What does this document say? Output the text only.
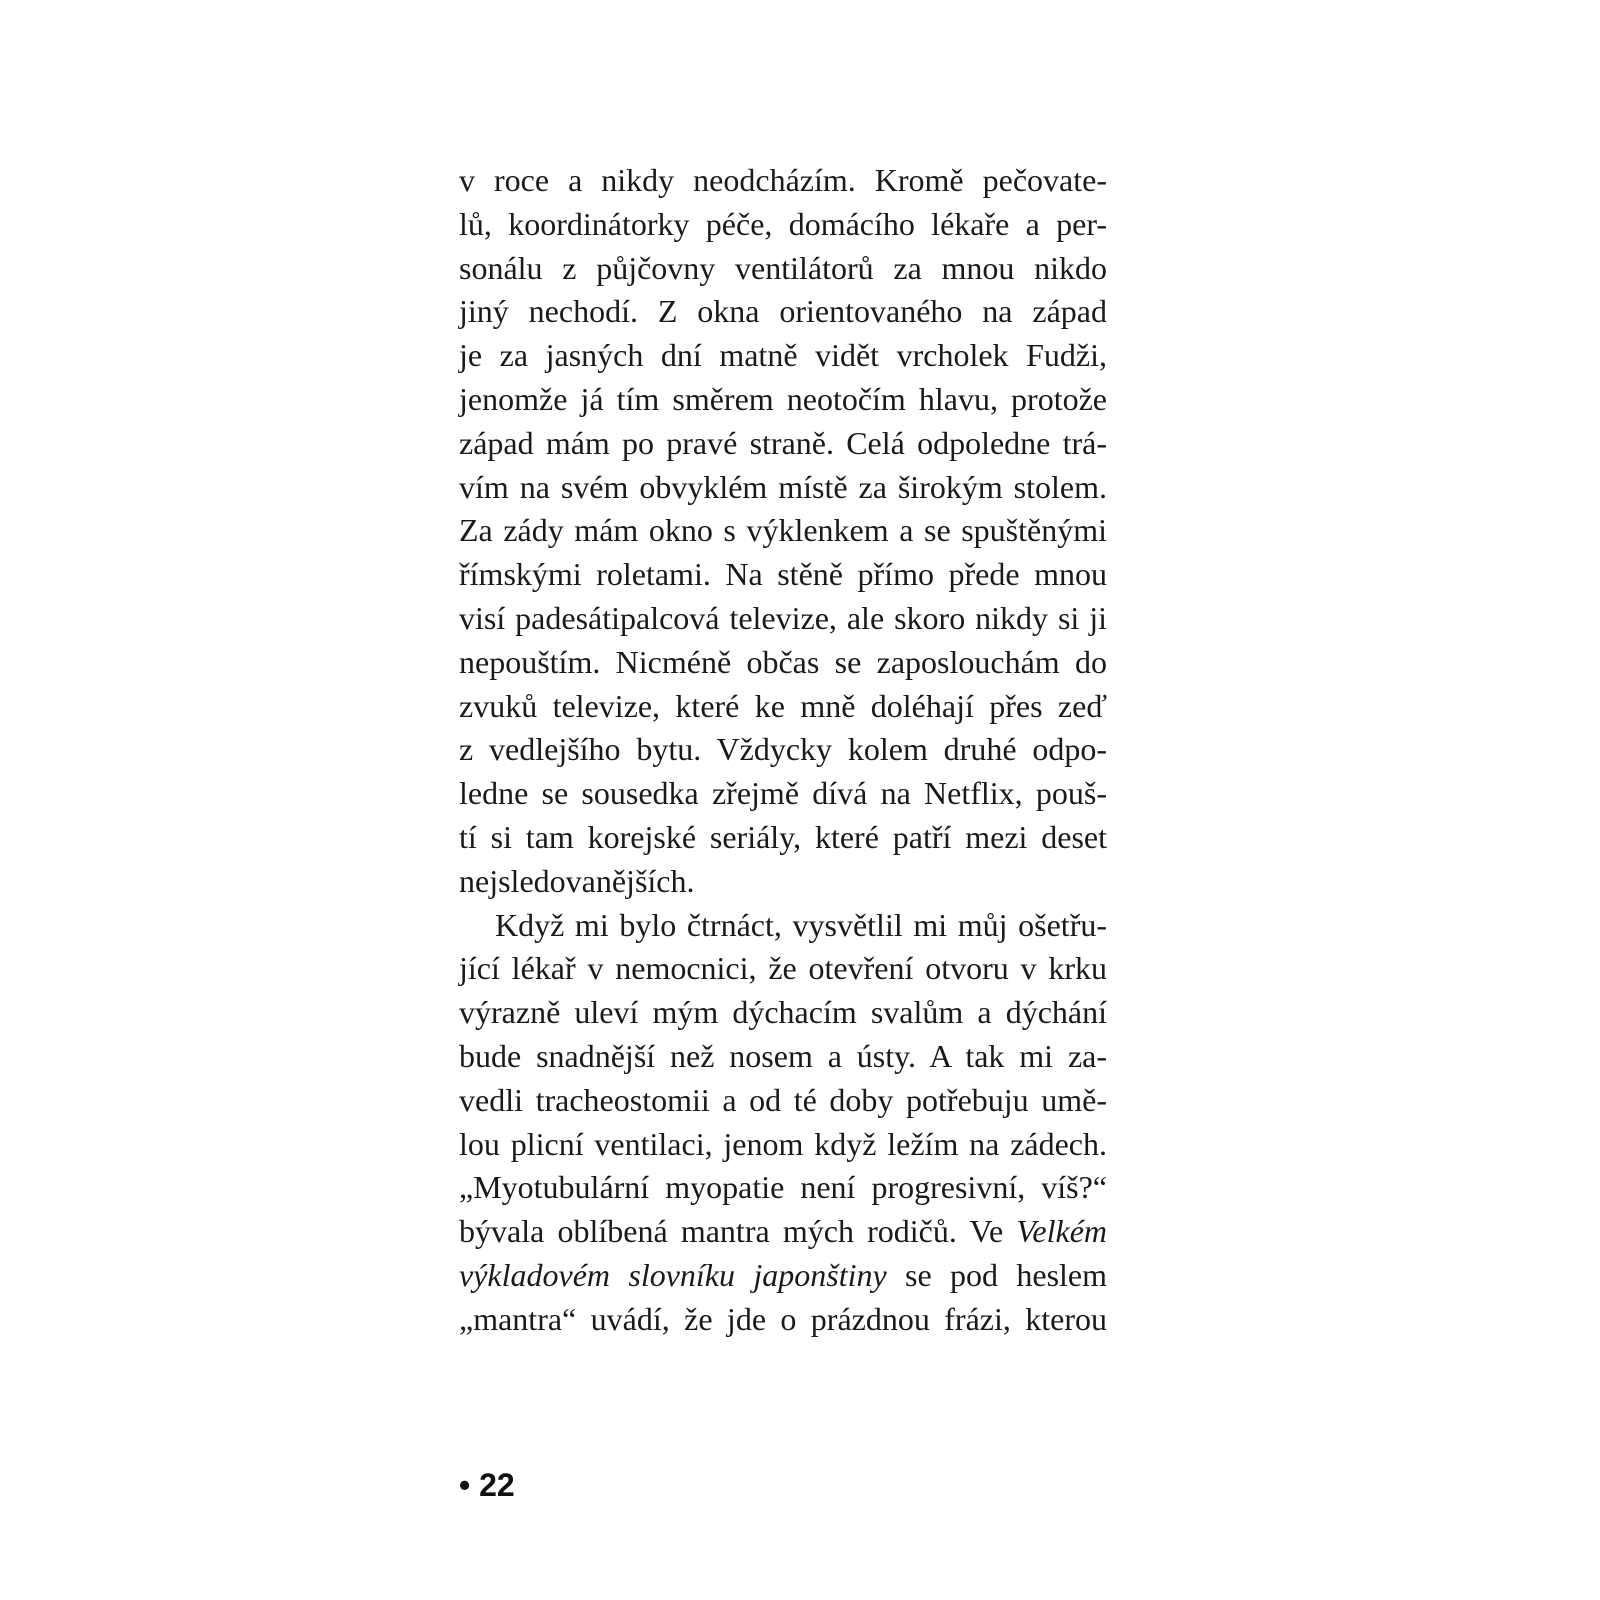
v roce a nikdy neodcházím. Kromě pečovate-
lů, koordinátorky péče, domácího lékaře a per-
sonálu z půjčovny ventilátorů za mnou nikdo
jiný nechodí. Z okna orientovaného na západ
je za jasných dní matně vidět vrcholek Fudži,
jenomže já tím směrem neotočím hlavu, protože
západ mám po pravé straně. Celá odpoledne trá-
vím na svém obvyklém místě za širokým stolem.
Za zády mám okno s výklenkem a se spuštěnými
římskými roletami. Na stěně přímo přede mnou
visí padesátipalcová televize, ale skoro nikdy si ji
nepouštím. Nicméně občas se zaposlouchám do
zvuků televize, které ke mně doléhají přes zeď
z vedlejšího bytu. Vždycky kolem druhé odpo-
ledne se sousedka zřejmě dívá na Netflix, pouš-
tí si tam korejské seriály, které patří mezi deset
nejsledovanějších.
Když mi bylo čtrnáct, vysvětlil mi můj ošetřu-
jící lékař v nemocnici, že otevření otvoru v krku
výrazně uleví mým dýchacím svalům a dýchání
bude snadnější než nosem a ústy. A tak mi za-
vedli tracheostomii a od té doby potřebuju umě-
lou plicní ventilaci, jenom když ležím na zádech.
„Myotubulární myopatie není progresivní, víš?“
bývala oblíbená mantra mých rodičů. Ve Velkém
výkladovém slovníku japonštiny se pod heslem
„mantra“ uvádí, že jde o prázdnou frázi, kterou
• 22
